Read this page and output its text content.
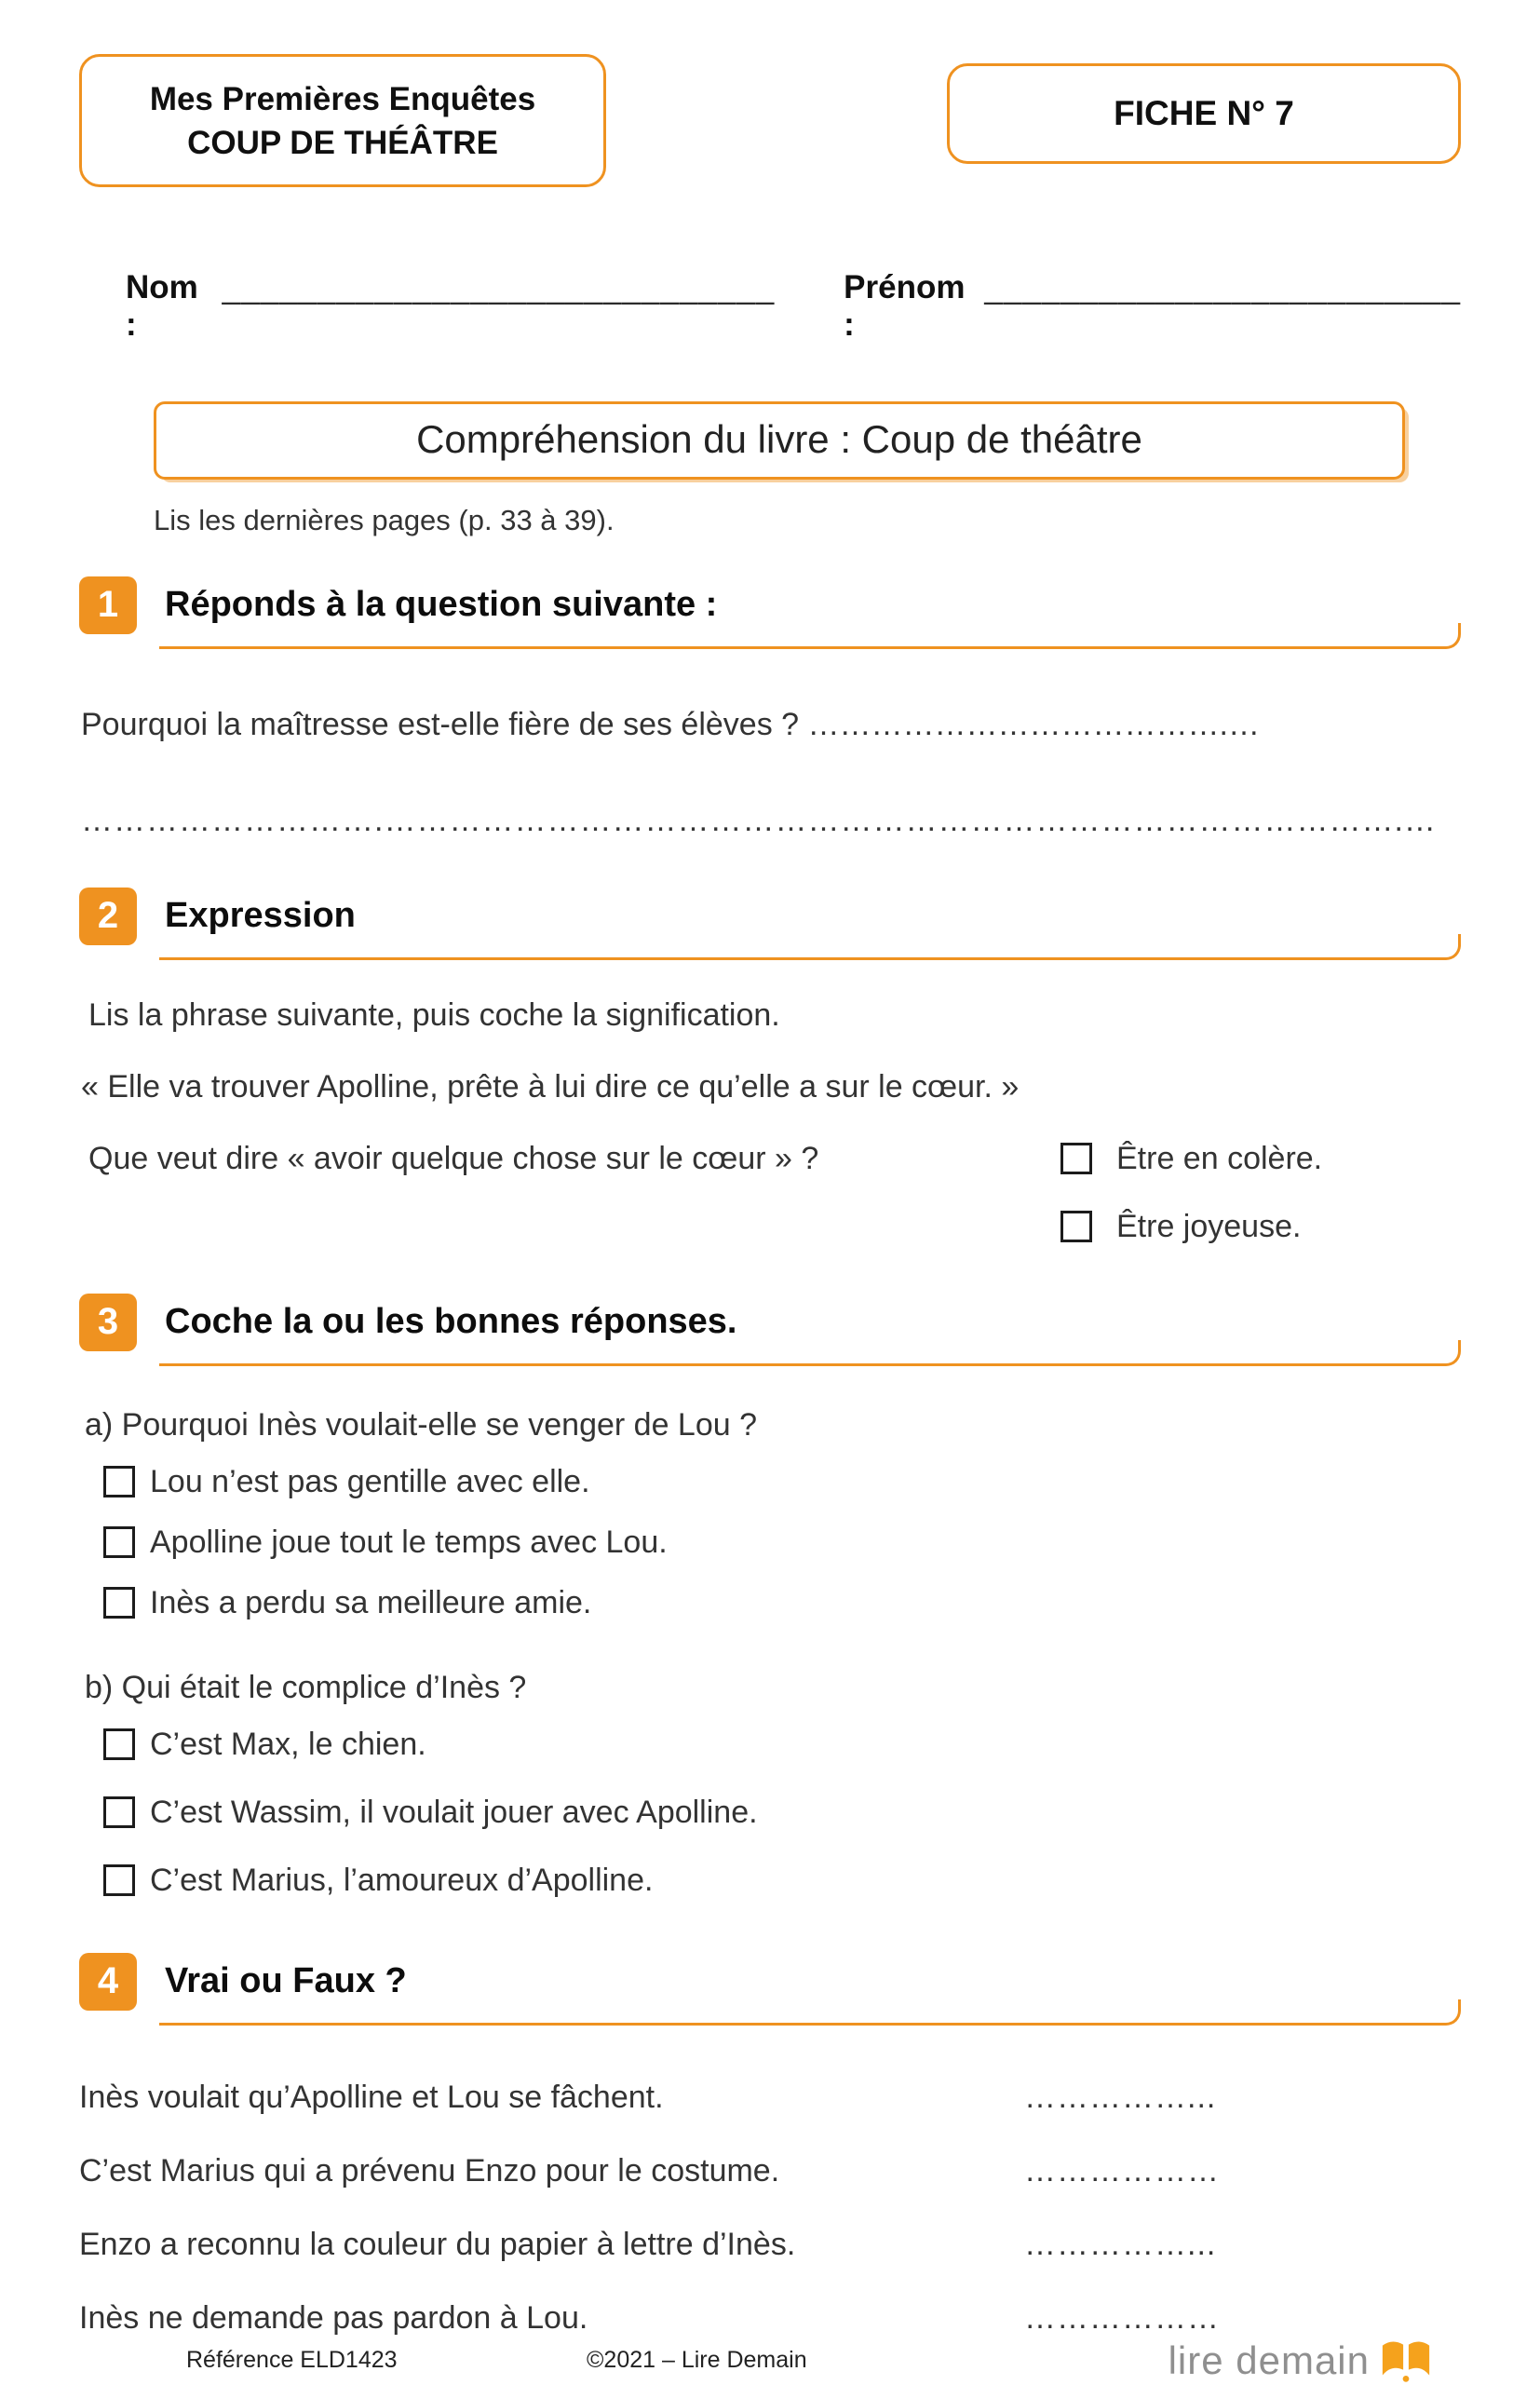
Mes Premières Enquêtes
COUP DE THÉÂTRE
FICHE N° 7
Nom :
_____________________________ Prénom :
_________________________
Compréhension du livre : Coup de théâtre
Lis les dernières pages (p. 33 à 39).
1 Réponds à la question suivante :
Pourquoi la maîtresse est-elle fière de ses élèves ? ………………………………….…
……………………….………………………………………………………………………………….…
2 Expression
Lis la phrase suivante, puis coche la signification.
« Elle va trouver Apolline, prête à lui dire ce qu’elle a sur le cœur. »
Que veut dire « avoir quelque chose sur le cœur » ?	Être en colère.
Être joyeuse.
3 Coche la ou les bonnes réponses.
a) Pourquoi Inès voulait-elle se venger de Lou ?
Lou n’est pas gentille avec elle.
Apolline joue tout le temps avec Lou.
Inès a perdu sa meilleure amie.
b) Qui était le complice d’Inès ?
C’est Max, le chien.
C’est Wassim, il voulait jouer avec Apolline.
C’est Marius, l’amoureux d’Apolline.
4 Vrai ou Faux ?
Inès voulait qu’Apolline et Lou se fâchent.	……………...
C’est Marius qui a prévenu Enzo pour le costume.	………………
Enzo a reconnu la couleur du papier à lettre d’Inès.	……………...
Inès ne demande pas pardon à Lou.	………………
Référence ELD1423	©2021 – Lire Demain	lire demain
